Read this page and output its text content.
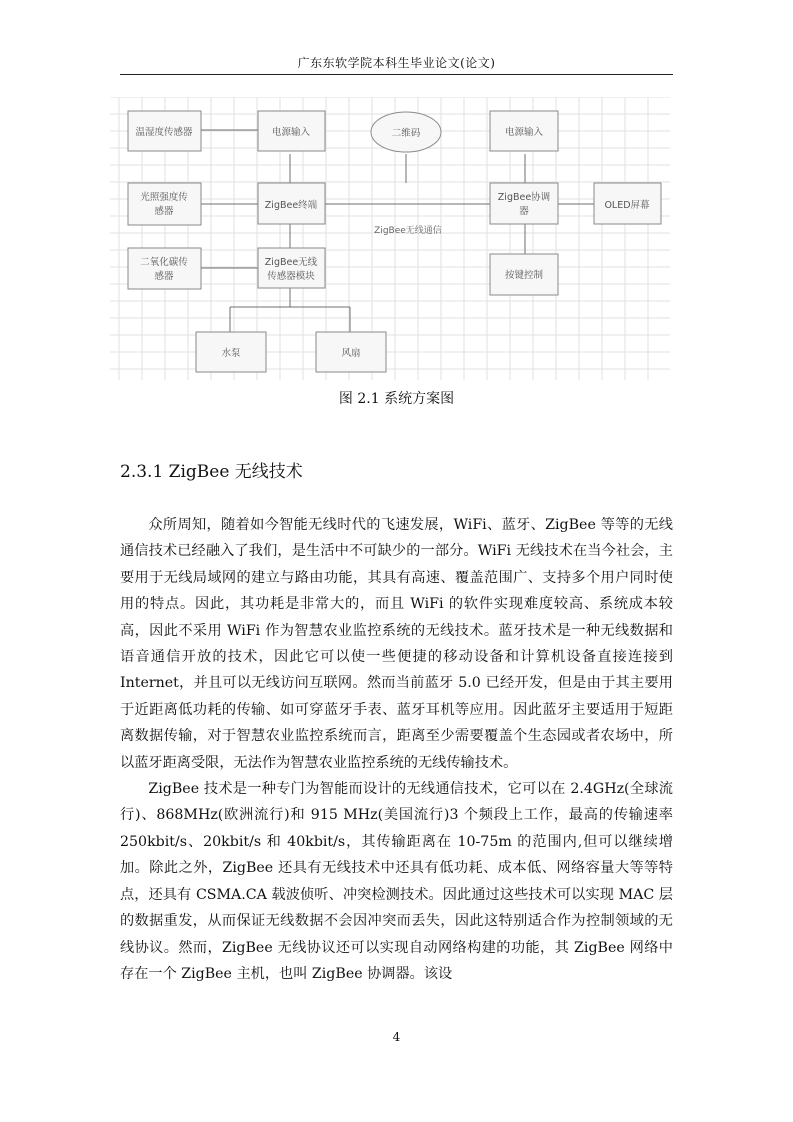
广东东软学院本科生毕业论文(论文)
温湿度传感器	电源输入	二维码	电源输入
光照强度传
感器
ZigBee终端
ZigBee协调
器
OLED屏幕
ZigBee无线通信
二氧化碳传
感器
ZigBee无线
传感器模块	按键控制
水泵	风扇
图 2.1 系统方案图
2.3.1 ZigBee 无线技术

众所周知，随着如今智能无线时代的飞速发展，WiFi、蓝牙、ZigBee 等等的无线通信技术已经融入了我们，是生活中不可缺少的一部分。WiFi 无线技术在当今社会，主要用于无线局域网的建立与路由功能，其具有高速、覆盖范围广、支持多个用户同时使用的特点。因此，其功耗是非常大的，而且 WiFi 的软件实现难度较高、系统成本较高，因此不采用 WiFi 作为智慧农业监控系统的无线技术。蓝牙技术是一种无线数据和语音通信开放的技术，因此它可以使一些便捷的移动设备和计算机设备直接连接到 Internet，并且可以无线访问互联网。然而当前蓝牙 5.0 已经开发，但是由于其主要用于近距离低功耗的传输、如可穿蓝牙手表、蓝牙耳机等应用。因此蓝牙主要适用于短距离数据传输，对于智慧农业监控系统而言，距离至少需要覆盖个生态园或者农场中，所以蓝牙距离受限，无法作为智慧农业监控系统的无线传输技术。

ZigBee 技术是一种专门为智能而设计的无线通信技术，它可以在 2.4GHz(全球流行)、868MHz(欧洲流行)和 915 MHz(美国流行)3 个频段上工作，最高的传输速率 250kbit/s、20kbit/s 和 40kbit/s，其传输距离在 10-75m 的范围内,但可以继续增加。除此之外，ZigBee 还具有无线技术中还具有低功耗、成本低、网络容量大等等特点，还具有 CSMA.CA 载波侦听、冲突检测技术。因此通过这些技术可以实现 MAC 层的数据重发，从而保证无线数据不会因冲突而丢失，因此这特别适合作为控制领域的无线协议。然而，ZigBee 无线协议还可以实现自动网络构建的功能，其 ZigBee 网络中存在一个 ZigBee 主机，也叫 ZigBee 协调器。该设

4
